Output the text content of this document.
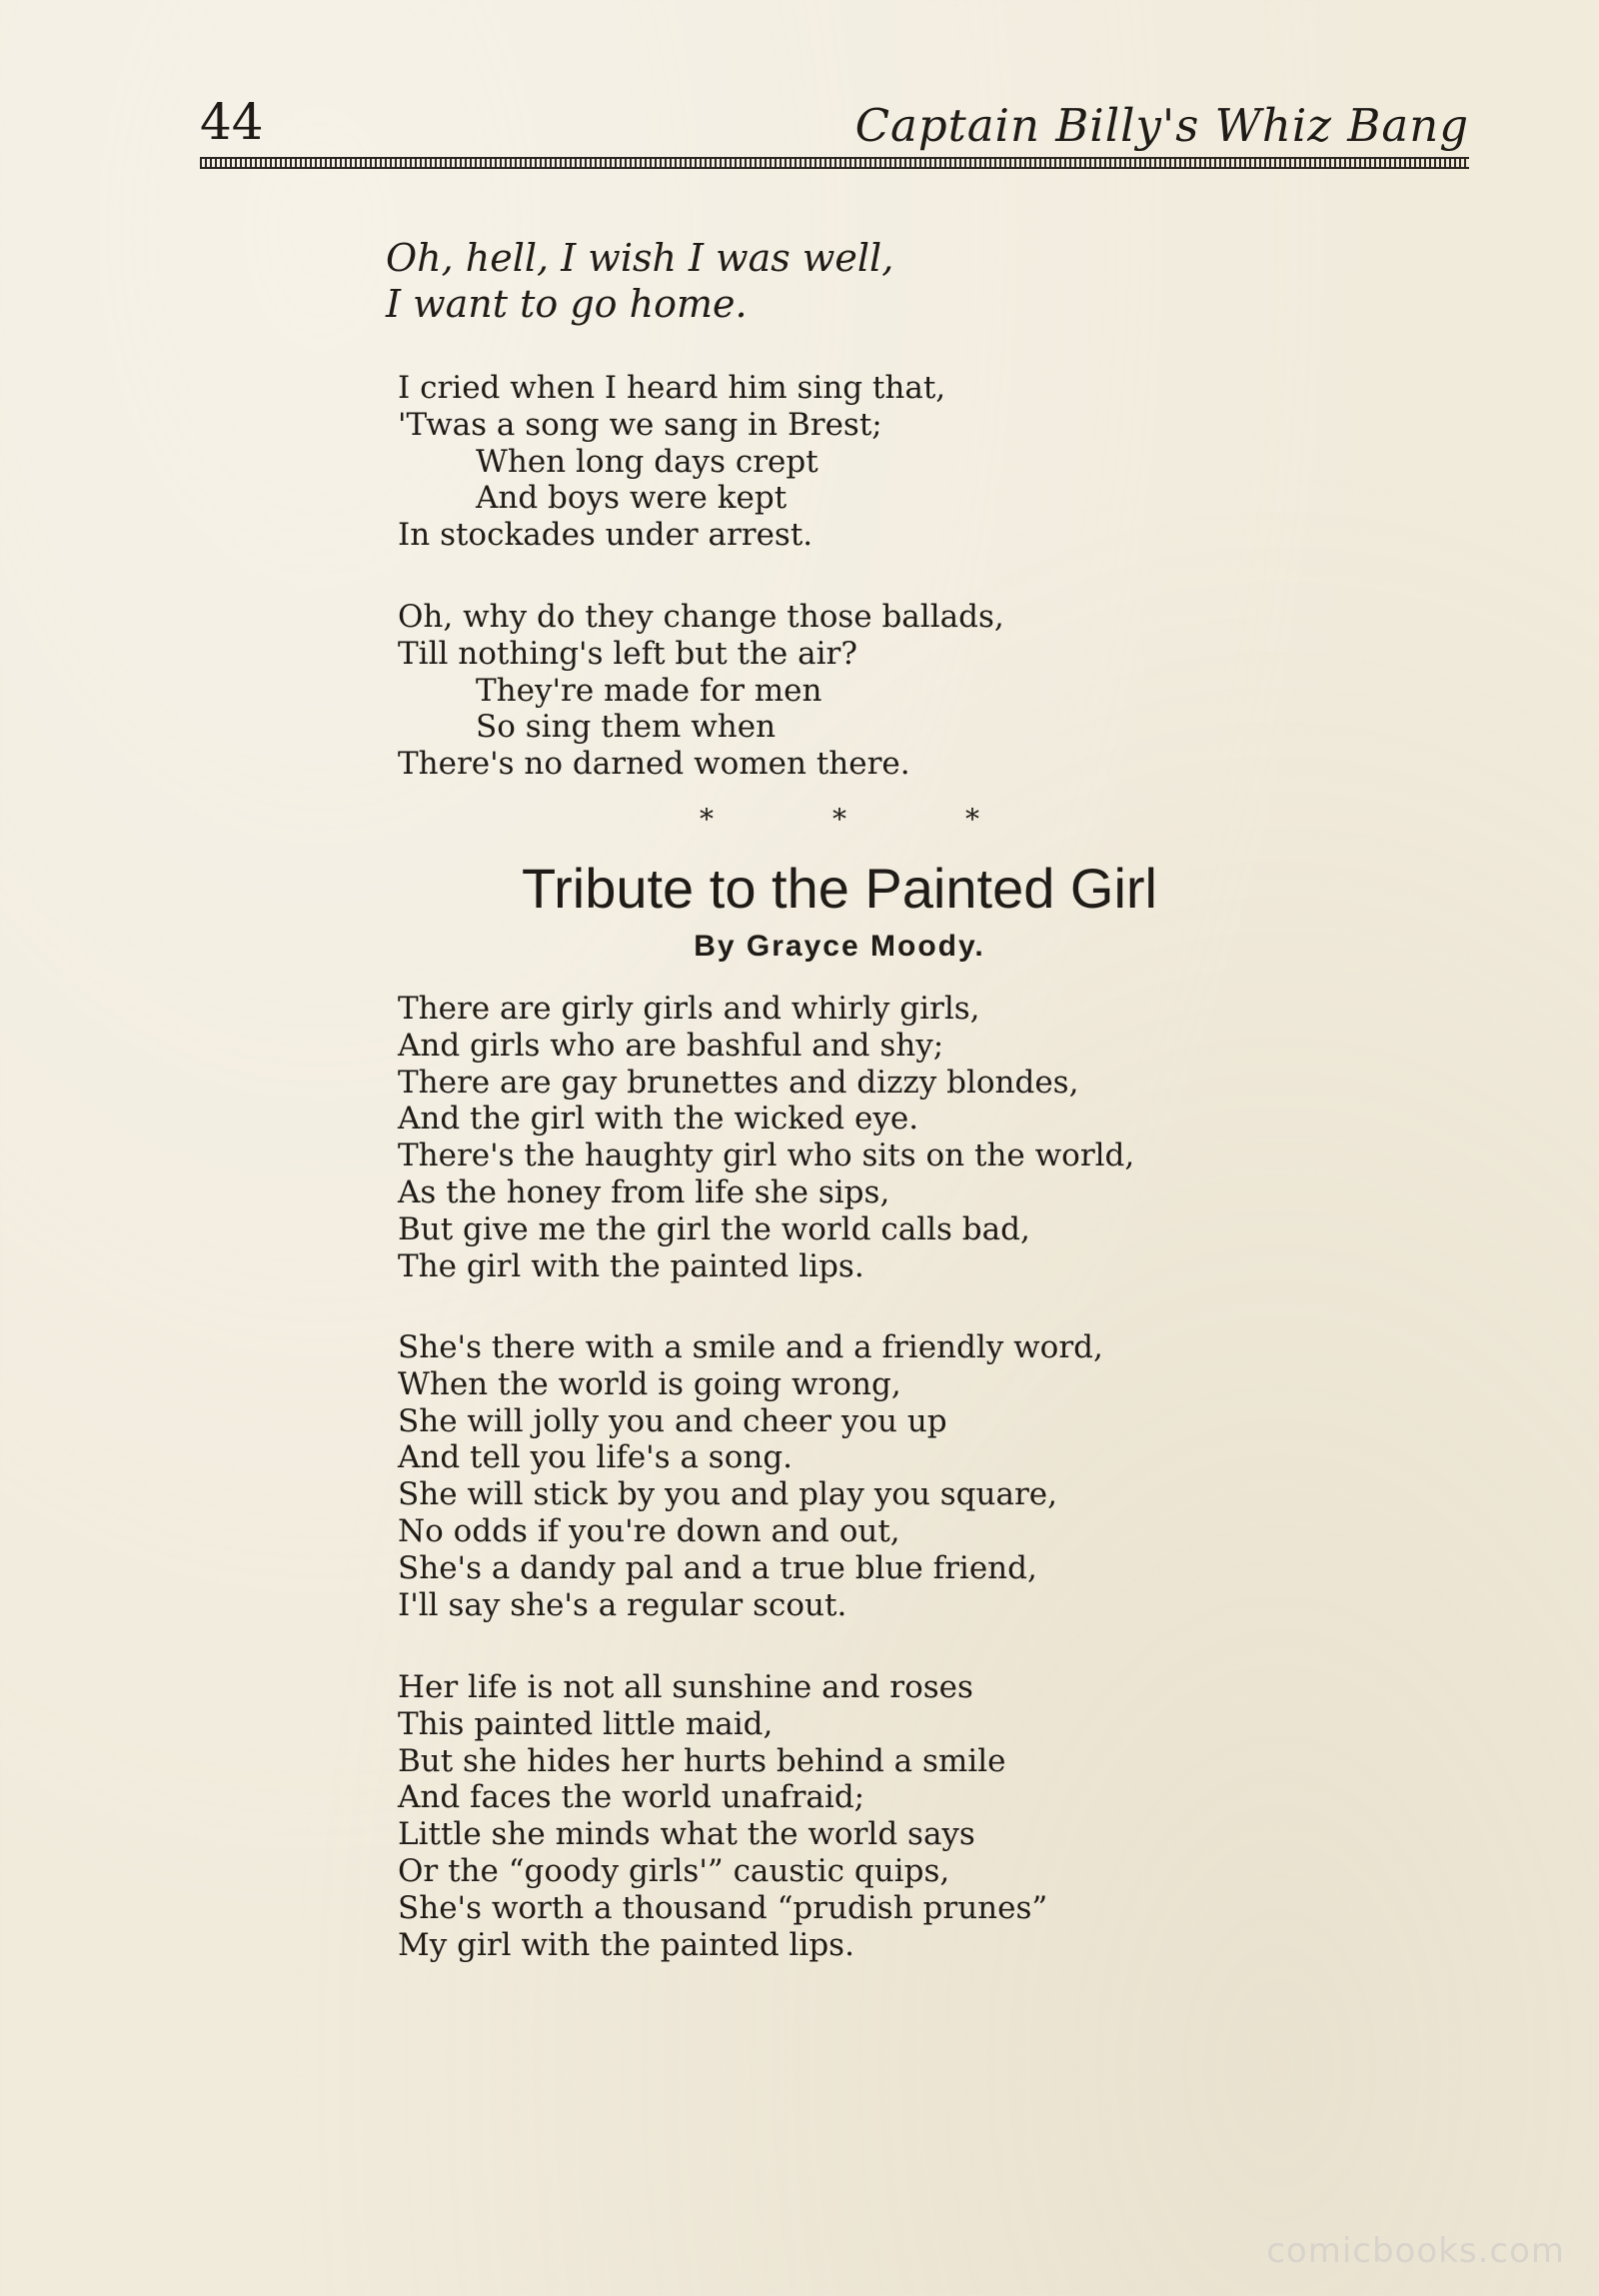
44	Captain Billy's Whiz Bang
Oh, hell, I wish I was well,
I want to go home.
I cried when I heard him sing that,
'Twas a song we sang in Brest;
When long days crept
And boys were kept
In stockades under arrest.
Oh, why do they change those ballads,
Till nothing's left but the air?
They're made for men
So sing them when
There's no darned women there.
*	*	*
Tribute to the Painted Girl
By Grayce Moody.
There are girly girls and whirly girls,
And girls who are bashful and shy;
There are gay brunettes and dizzy blondes,
And the girl with the wicked eye.
There's the haughty girl who sits on the world,
As the honey from life she sips,
But give me the girl the world calls bad,
The girl with the painted lips.
She's there with a smile and a friendly word,
When the world is going wrong,
She will jolly you and cheer you up
And tell you life's a song.
She will stick by you and play you square,
No odds if you're down and out,
She's a dandy pal and a true blue friend,
I'll say she's a regular scout.
Her life is not all sunshine and roses
This painted little maid,
But she hides her hurts behind a smile
And faces the world unafraid;
Little she minds what the world says
Or the “goody girls'” caustic quips,
She's worth a thousand “prudish prunes”
My girl with the painted lips.
comicbooks.com
